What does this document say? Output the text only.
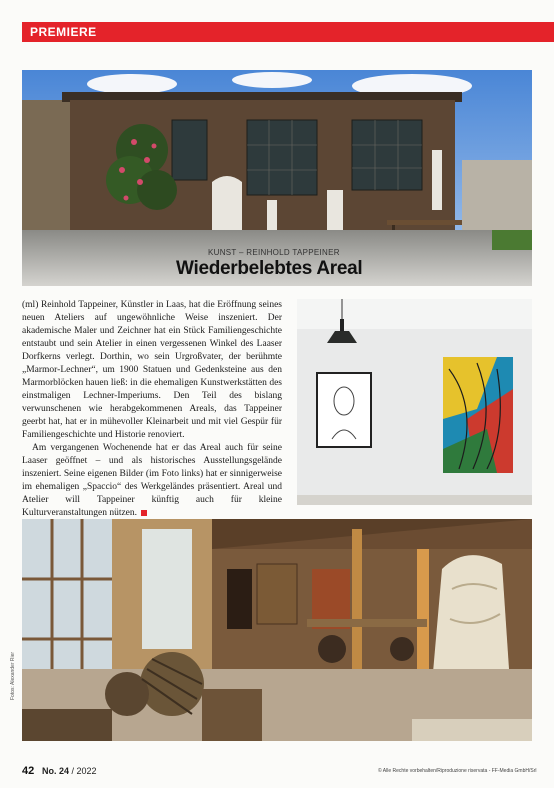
PREMIERE
KUNST – REINHOLD TAPPEINER
Wiederbelebtes Areal

(ml) Reinhold Tappeiner, Künstler in Laas, hat die Eröffnung seines neuen Ateliers auf ungewöhnliche Weise inszeniert. Der akademische Maler und Zeichner hat ein Stück Familiengeschichte entstaubt und sein Atelier in einen vergessenen Winkel des Laaser Dorfkerns verlegt. Dorthin, wo sein Urgroßvater, der berühmte „Marmor-Lechner“, um 1900 Statuen und Gedenksteine aus den Marmorblöcken hauen ließ: in die ehemaligen Kunstwerkstätten des einstmaligen Lechner-Imperiums. Den Teil des bislang verwunschenen wie herabgekommenen Areals, das Tappeiner geerbt hat, hat er in mühevoller Kleinarbeit und mit viel Gespür für Familiengeschichte und Historie renoviert.

Am vergangenen Wochenende hat er das Areal auch für seine Laaser geöffnet – und als historisches Ausstellungsgelände inszeniert. Seine eigenen Bilder (im Foto links) hat er sinnigerweise im ehemaligen „Spaccio“ des Werkgeländes präsentiert. Areal und Atelier will Tappeiner künftig auch für kleine Kulturveranstaltungen nützen.

Fotos: Alexander Rier
42 No. 24 / 2022	© Alle Rechte vorbehalten/Riproduzione riservata - FF-Media GmbH/Srl
